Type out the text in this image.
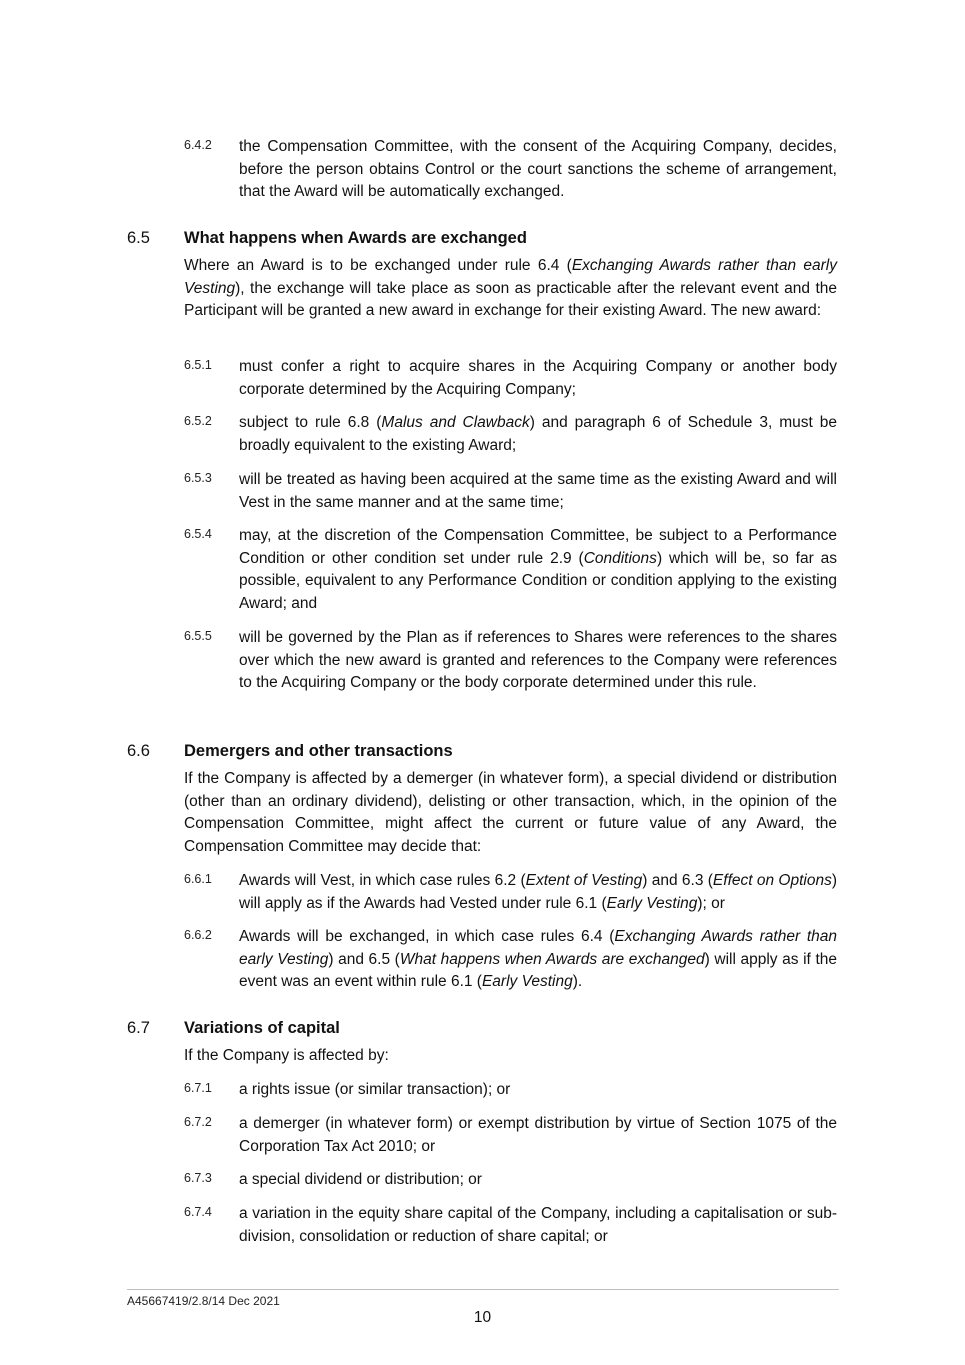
6.4.2 the Compensation Committee, with the consent of the Acquiring Company, decides, before the person obtains Control or the court sanctions the scheme of arrangement, that the Award will be automatically exchanged.
6.5 What happens when Awards are exchanged
Where an Award is to be exchanged under rule 6.4 (Exchanging Awards rather than early Vesting), the exchange will take place as soon as practicable after the relevant event and the Participant will be granted a new award in exchange for their existing Award. The new award:
6.5.1 must confer a right to acquire shares in the Acquiring Company or another body corporate determined by the Acquiring Company;
6.5.2 subject to rule 6.8 (Malus and Clawback) and paragraph 6 of Schedule 3, must be broadly equivalent to the existing Award;
6.5.3 will be treated as having been acquired at the same time as the existing Award and will Vest in the same manner and at the same time;
6.5.4 may, at the discretion of the Compensation Committee, be subject to a Performance Condition or other condition set under rule 2.9 (Conditions) which will be, so far as possible, equivalent to any Performance Condition or condition applying to the existing Award; and
6.5.5 will be governed by the Plan as if references to Shares were references to the shares over which the new award is granted and references to the Company were references to the Acquiring Company or the body corporate determined under this rule.
6.6 Demergers and other transactions
If the Company is affected by a demerger (in whatever form), a special dividend or distribution (other than an ordinary dividend), delisting or other transaction, which, in the opinion of the Compensation Committee, might affect the current or future value of any Award, the Compensation Committee may decide that:
6.6.1 Awards will Vest, in which case rules 6.2 (Extent of Vesting) and 6.3 (Effect on Options) will apply as if the Awards had Vested under rule 6.1 (Early Vesting); or
6.6.2 Awards will be exchanged, in which case rules 6.4 (Exchanging Awards rather than early Vesting) and 6.5 (What happens when Awards are exchanged) will apply as if the event was an event within rule 6.1 (Early Vesting).
6.7 Variations of capital
If the Company is affected by:
6.7.1 a rights issue (or similar transaction); or
6.7.2 a demerger (in whatever form) or exempt distribution by virtue of Section 1075 of the Corporation Tax Act 2010; or
6.7.3 a special dividend or distribution; or
6.7.4 a variation in the equity share capital of the Company, including a capitalisation or sub-division, consolidation or reduction of share capital; or
A45667419/2.8/14 Dec 2021
10
